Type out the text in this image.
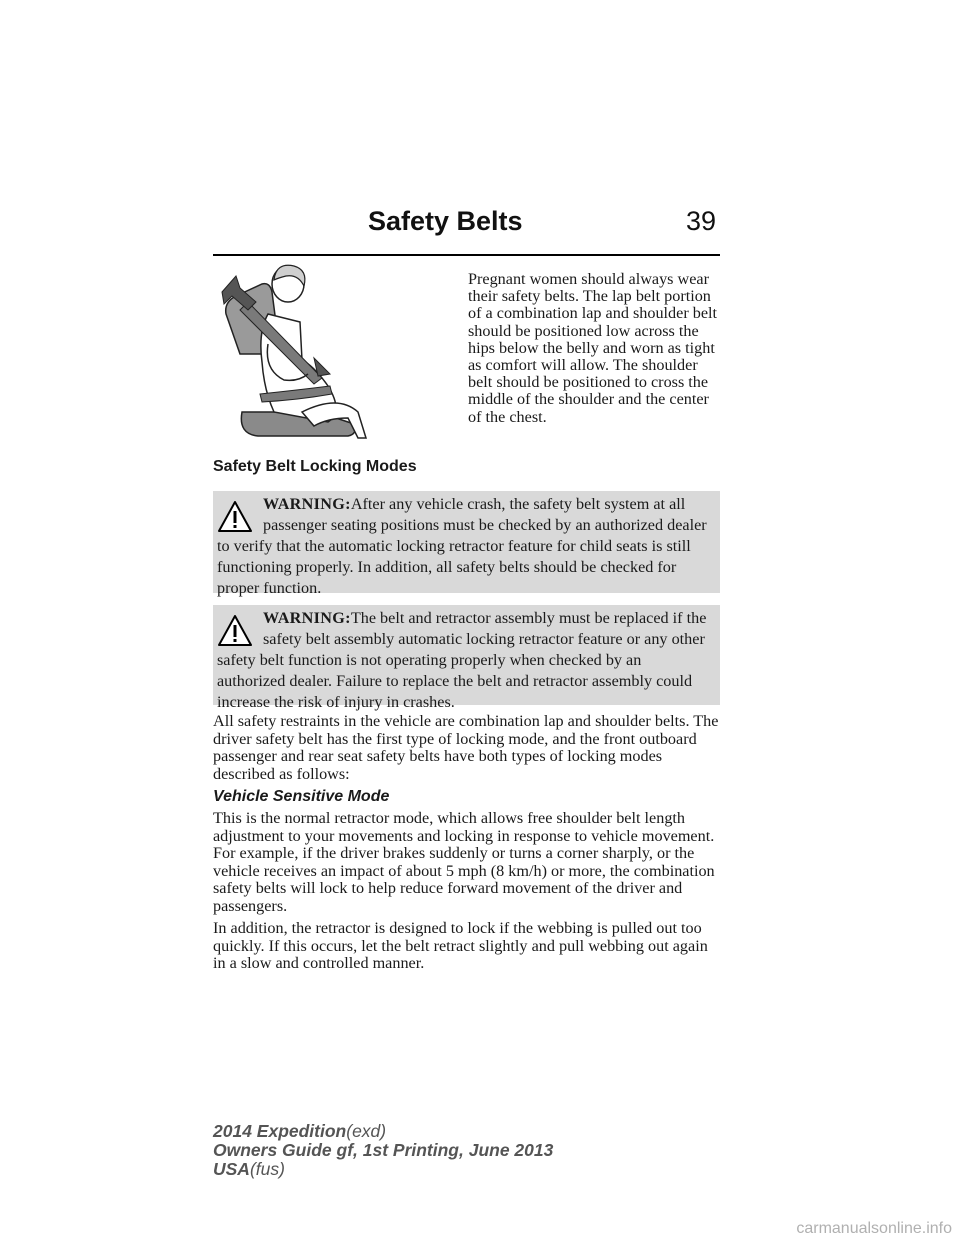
Safety Belts	39
Pregnant women should always wear their safety belts. The lap belt portion of a combination lap and shoulder belt should be positioned low across the hips below the belly and worn as tight as comfort will allow. The shoulder belt should be positioned to cross the middle of the shoulder and the center of the chest.
Safety Belt Locking Modes

WARNING:After any vehicle crash, the safety belt system at all passenger seating positions must be checked by an authorized dealer to verify that the automatic locking retractor feature for child seats is still functioning properly. In addition, all safety belts should be checked for proper function.

WARNING:The belt and retractor assembly must be replaced if the safety belt assembly automatic locking retractor feature or any other safety belt function is not operating properly when checked by an authorized dealer. Failure to replace the belt and retractor assembly could increase the risk of injury in crashes.

All safety restraints in the vehicle are combination lap and shoulder belts. The driver safety belt has the first type of locking mode, and the front outboard passenger and rear seat safety belts have both types of locking modes described as follows:

Vehicle Sensitive Mode

This is the normal retractor mode, which allows free shoulder belt length adjustment to your movements and locking in response to vehicle movement. For example, if the driver brakes suddenly or turns a corner sharply, or the vehicle receives an impact of about 5 mph (8 km/h) or more, the combination safety belts will lock to help reduce forward movement of the driver and passengers.

In addition, the retractor is designed to lock if the webbing is pulled out too quickly. If this occurs, let the belt retract slightly and pull webbing out again in a slow and controlled manner.

2014 Expedition(exd)
Owners Guide gf, 1st Printing, June 2013
USA(fus)
carmanualsonline.info
